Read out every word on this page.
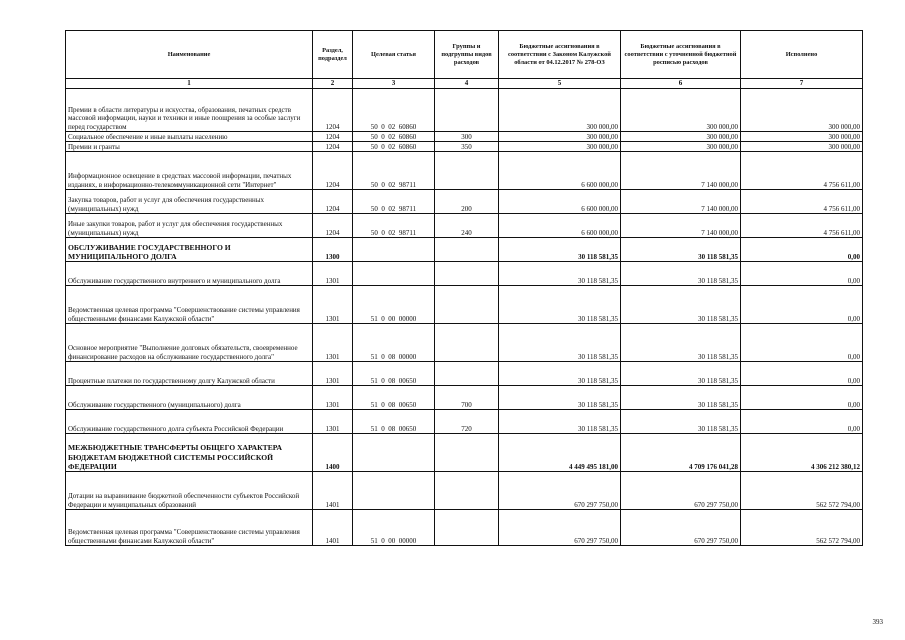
Наименование	Раздел, подраздел	Целевая статья	Группы и подгруппы видов расходов	Бюджетные ассигнования в соответствии с Законом Калужской области от 04.12.2017 № 278-ОЗ	Бюджетные ассигнования в соответствии с уточненной бюджетной росписью расходов	Исполнено
1	2	3	4	5	6	7
Премии в области литературы и искусства, образования, печатных средств массовой информации, науки и техники и иные поощрения за особые заслуги перед государством	1204	50  0  02  60860		300 000,00	300 000,00	300 000,00
Социальное обеспечение и иные выплаты населению	1204	50  0  02  60860	300	300 000,00	300 000,00	300 000,00
Премии и гранты	1204	50  0  02  60860	350	300 000,00	300 000,00	300 000,00
Информационное освещение в средствах массовой информации, печатных изданиях, в информационно-телекоммуникационной сети "Интернет"	1204	50  0  02  98711		6 600 000,00	7 140 000,00	4 756 611,00
Закупка товаров, работ и услуг для обеспечения государственных (муниципальных) нужд	1204	50  0  02  98711	200	6 600 000,00	7 140 000,00	4 756 611,00
Иные закупки товаров, работ и услуг для обеспечения государственных (муниципальных) нужд	1204	50  0  02  98711	240	6 600 000,00	7 140 000,00	4 756 611,00
ОБСЛУЖИВАНИЕ ГОСУДАРСТВЕННОГО И МУНИЦИПАЛЬНОГО ДОЛГА	1300			30 118 581,35	30 118 581,35	0,00
Обслуживание государственного внутреннего и муниципального долга	1301			30 118 581,35	30 118 581,35	0,00
Ведомственная целевая программа "Совершенствование системы управления общественными финансами Калужской области"	1301	51  0  00  00000		30 118 581,35	30 118 581,35	0,00
Основное мероприятие "Выполнение долговых обязательств, своевременное финансирование расходов на обслуживание государственного долга"	1301	51  0  08  00000		30 118 581,35	30 118 581,35	0,00
Процентные платежи по государственному долгу Калужской области	1301	51  0  08  00650		30 118 581,35	30 118 581,35	0,00
Обслуживание государственного (муниципального) долга	1301	51  0  08  00650	700	30 118 581,35	30 118 581,35	0,00
Обслуживание государственного долга субъекта Российской Федерации	1301	51  0  08  00650	720	30 118 581,35	30 118 581,35	0,00
МЕЖБЮДЖЕТНЫЕ ТРАНСФЕРТЫ ОБЩЕГО ХАРАКТЕРА БЮДЖЕТАМ БЮДЖЕТНОЙ СИСТЕМЫ РОССИЙСКОЙ ФЕДЕРАЦИИ	1400			4 449 495 181,00	4 709 176 041,28	4 306 212 380,12
Дотации на выравнивание бюджетной обеспеченности субъектов Российской Федерации и муниципальных образований	1401			670 297 750,00	670 297 750,00	562 572 794,00
Ведомственная целевая программа "Совершенствование системы управления общественными финансами Калужской области"	1401	51  0  00  00000		670 297 750,00	670 297 750,00	562 572 794,00
393
